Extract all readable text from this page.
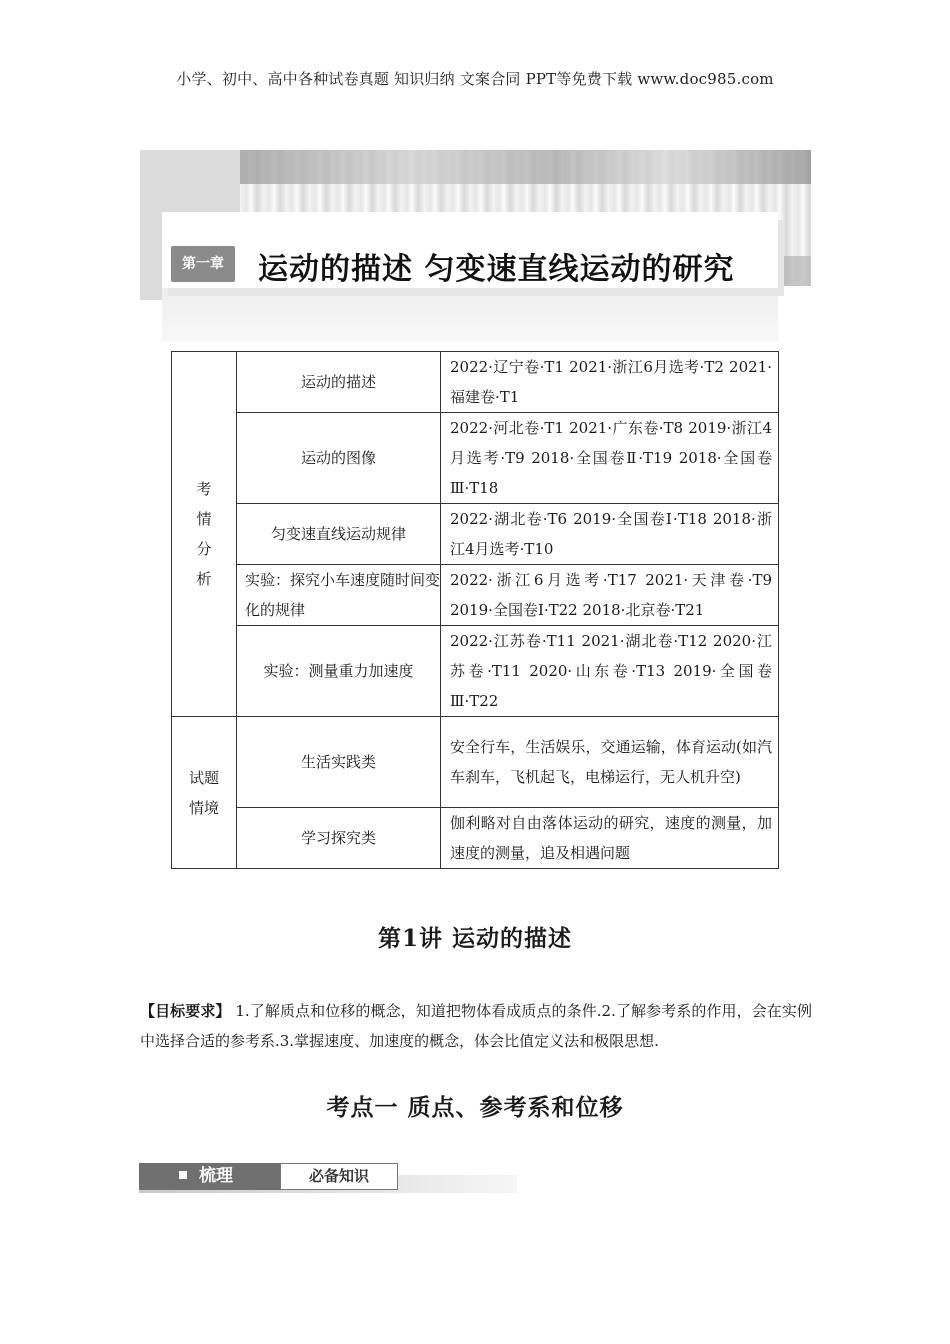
小学、初中、高中各种试卷真题 知识归纳 文案合同 PPT等免费下载 www.doc985.com
第一章	运动的描述 匀变速直线运动的研究
考
情
分
析	运动的描述	2022·辽宁卷·T1 2021·浙江6月选考·T2 2021·福建卷·T1
	运动的图像	2022·河北卷·T1 2021·广东卷·T8 2019·浙江4月选考·T9 2018·全国卷Ⅱ·T19 2018·全国卷Ⅲ·T18
	匀变速直线运动规律	2022·湖北卷·T6 2019·全国卷Ⅰ·T18 2018·浙江4月选考·T10
	实验：探究小车速度随时间变化的规律	2022·浙江6月选考·T17 2021·天津卷·T9 2019·全国卷Ⅰ·T22 2018·北京卷·T21
	实验：测量重力加速度	2022·江苏卷·T11 2021·湖北卷·T12 2020·江苏卷·T11 2020·山东卷·T13 2019·全国卷Ⅲ·T22

试题
情境	生活实践类	安全行车，生活娱乐，交通运输，体育运动(如汽车刹车，飞机起飞，电梯运行，无人机升空)
	学习探究类	伽利略对自由落体运动的研究，速度的测量，加速度的测量，追及相遇问题
第1讲 运动的描述
【目标要求】 1.了解质点和位移的概念，知道把物体看成质点的条件.2.了解参考系的作用，会在实例中选择合适的参考系.3.掌握速度、加速度的概念，体会比值定义法和极限思想.
考点一 质点、参考系和位移
梳理	必备知识
